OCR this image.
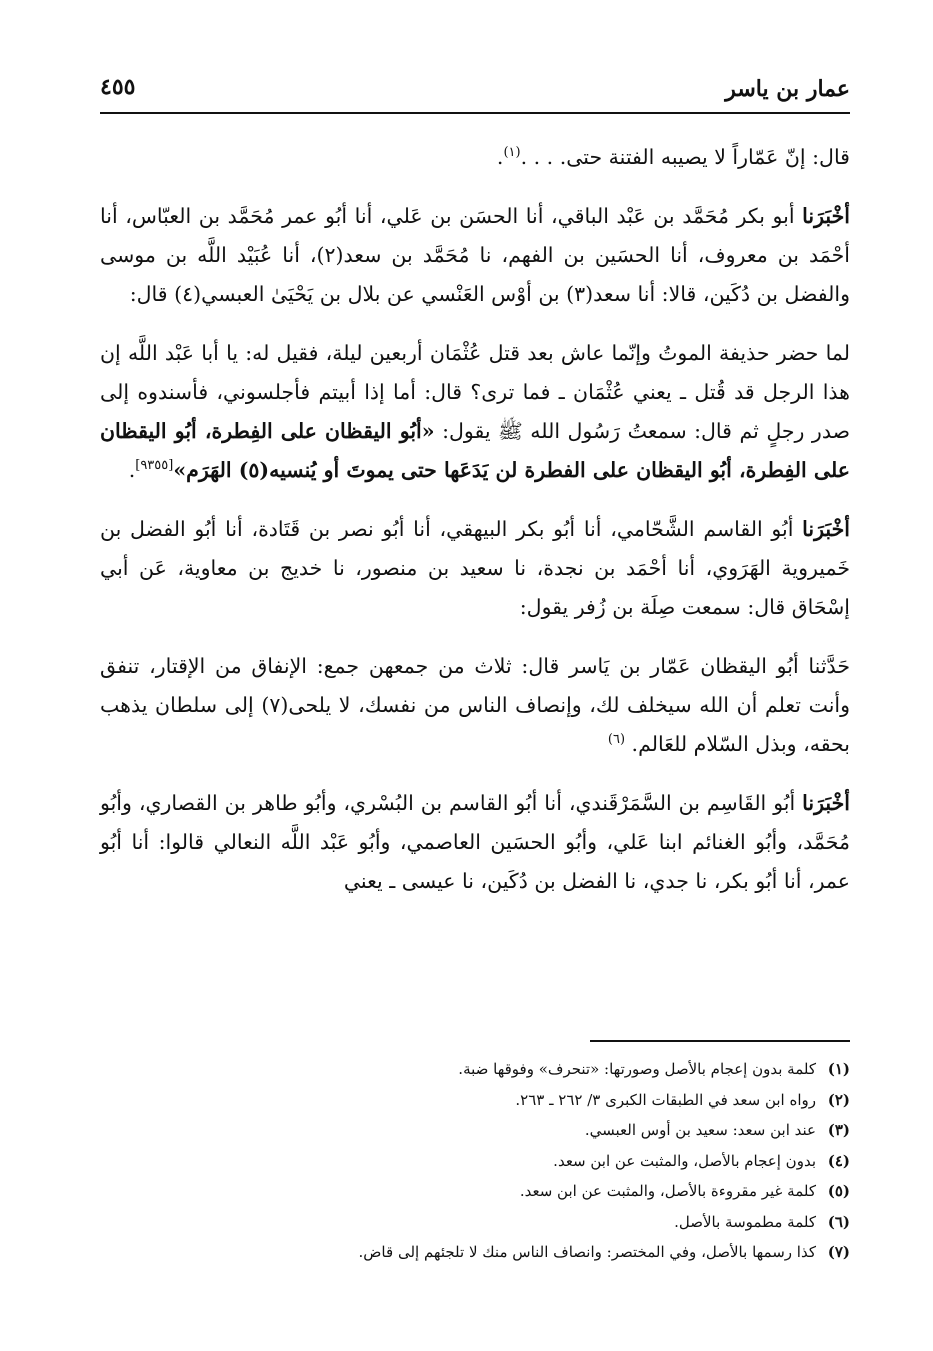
عمار بن ياسر
٤٥٥

قال: إنّ عَمّاراً لا يصيبه الفتنة حتى. . . .$^{(١)}$.

أخْبَرَنا أبو بكر مُحَمَّد بن عَبْد الباقي، أنا الحسَن بن عَلي، أنا أبُو عمر مُحَمَّد بن العبّاس، أنا أحْمَد بن معروف، أنا الحسَين بن الفهم، نا مُحَمَّد بن سعد(٢)، أنا عُبَيْد اللَّه بن موسى والفضل بن دُكَين، قالا: أنا سعد(٣) بن أوْس العَنْسي عن بلال بن يَحْيَىٰ العبسي(٤) قال:

لما حضر حذيفة الموتُ وإنّما عاش بعد قتل عُثْمَان أربعين ليلة، فقيل له: يا أبا عَبْد اللَّه إن هذا الرجل قد قُتل ـ يعني عُثْمَان ـ فما ترى؟ قال: أما إذا أبيتم فأجلسوني، فأسندوه إلى صدر رجلٍ ثم قال: سمعتُ رَسُول الله ﷺ يقول: «أبُو اليقظان على الفِطرة، أبُو اليقظان على الفِطرة، أبُو اليقظان على الفطرة لن يَدَعَها حتى يموتَ أو يُنسيه(٥) الهَرَم»[٩٣٥٥].

أخْبَرَنا أبُو القاسم الشَّحّامي، أنا أبُو بكر البيهقي، أنا أبُو نصر بن قَتَادة، أنا أبُو الفضل بن خَميروية الهَرَوي، أنا أحْمَد بن نجدة، نا سعيد بن منصور، نا خديج بن معاوية، عَن أبي إسْحَاق قال: سمعت صِلَة بن زُفر يقول:

حَدَّثنا أبُو اليقظان عَمّار بن يَاسر قال: ثلاث من جمعهن جمع: الإنفاق من الإقتار، تنفق وأنت تعلم أن الله سيخلف لك، وإنصاف الناس من نفسك، لا يلحى(٧) إلى سلطان يذهب بحقه، وبذل السّلام للعَالم. $^{(٦)}$

أخْبَرَنا أبُو القَاسِم بن السَّمَرْقَندي، أنا أبُو القاسم بن البُسْري، وأبُو طاهر بن القصاري، وأبُو مُحَمَّد، وأبُو الغنائم ابنا عَلي، وأبُو الحسَين العاصمي، وأبُو عَبْد اللَّه النعالي قالوا: أنا أبُو عمر، أنا أبُو بكر، نا جدي، نا الفضل بن دُكَين، نا عيسى ـ يعني

(١)كلمة بدون إعجام بالأصل وصورتها: «تنحرف» وفوقها ضبة.

(٢)رواه ابن سعد في الطبقات الكبرى ٣/ ٢٦٢ ـ ٢٦٣.

(٣)عند ابن سعد: سعيد بن أوس العبسي.

(٤)بدون إعجام بالأصل، والمثبت عن ابن سعد.

(٥)كلمة غير مقروءة بالأصل، والمثبت عن ابن سعد.

(٦)كلمة مطموسة بالأصل.

(٧)كذا رسمها بالأصل، وفي المختصر: وانصاف الناس منك لا تلجئهم إلى قاض.
